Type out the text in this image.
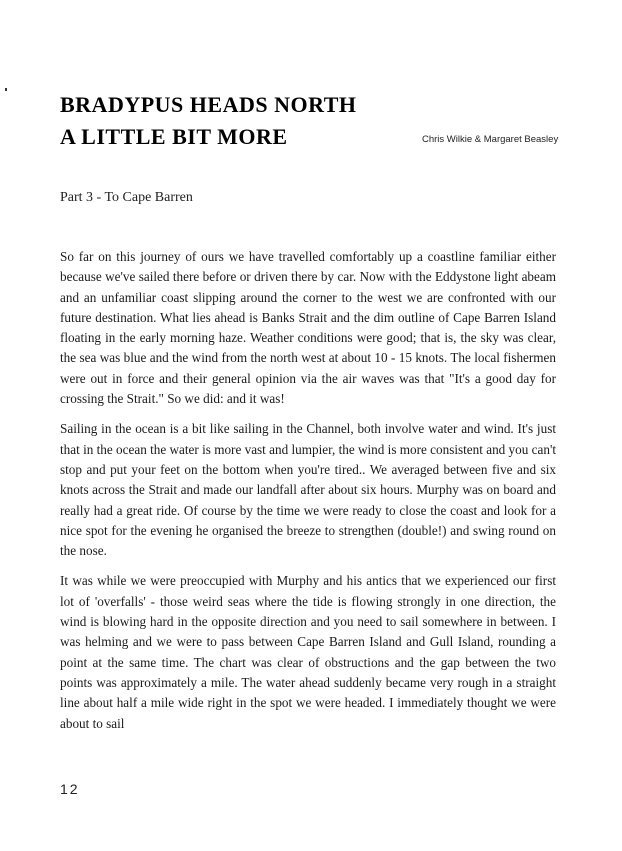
BRADYPUS HEADS NORTH
A LITTLE BIT MORE	Chris Wilkie & Margaret Beasley
Part 3 - To Cape Barren

So far on this journey of ours we have travelled comfortably up a coastline familiar either because we've sailed there before or driven there by car. Now with the Eddystone light abeam and an unfamiliar coast slipping around the corner to the west we are confronted with our future destination. What lies ahead is Banks Strait and the dim outline of Cape Barren Island floating in the early morning haze. Weather conditions were good; that is, the sky was clear, the sea was blue and the wind from the north west at about 10 - 15 knots. The local fishermen were out in force and their general opinion via the air waves was that "It's a good day for crossing the Strait." So we did: and it was!

Sailing in the ocean is a bit like sailing in the Channel, both involve water and wind. It's just that in the ocean the water is more vast and lumpier, the wind is more consistent and you can't stop and put your feet on the bottom when you're tired.. We averaged between five and six knots across the Strait and made our landfall after about six hours. Murphy was on board and really had a great ride. Of course by the time we were ready to close the coast and look for a nice spot for the evening he organised the breeze to strengthen (double!) and swing round on the nose.

It was while we were preoccupied with Murphy and his antics that we experienced our first lot of 'overfalls' - those weird seas where the tide is flowing strongly in one direction, the wind is blowing hard in the opposite direction and you need to sail somewhere in between. I was helming and we were to pass between Cape Barren Island and Gull Island, rounding a point at the same time. The chart was clear of obstructions and the gap between the two points was approximately a mile. The water ahead suddenly became very rough in a straight line about half a mile wide right in the spot we were headed. I immediately thought we were about to sail

12
